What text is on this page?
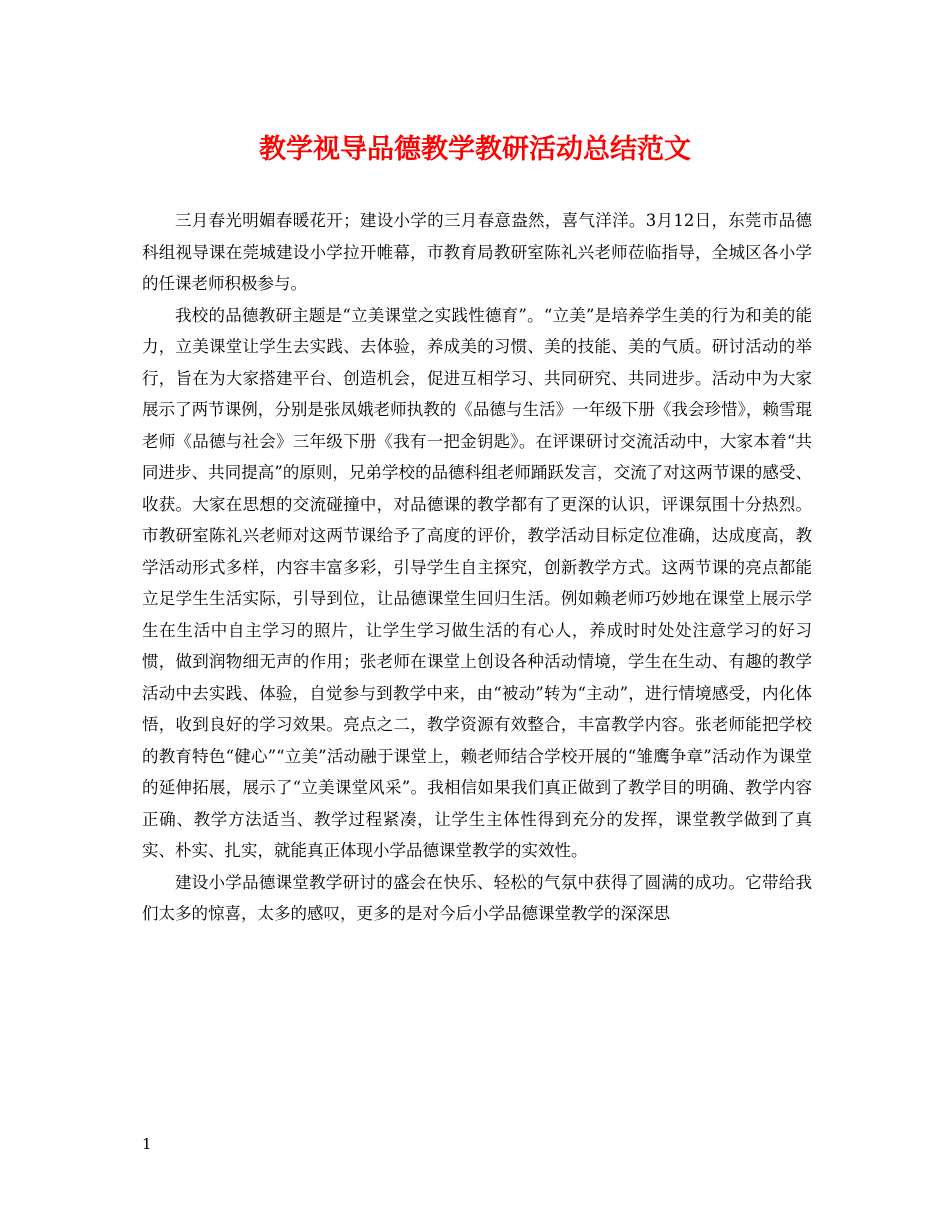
教学视导品德教学教研活动总结范文

三月春光明媚春暖花开；建设小学的三月春意盎然，喜气洋洋。3月12日，东莞市品德科组视导课在莞城建设小学拉开帷幕，市教育局教研室陈礼兴老师莅临指导，全城区各小学的任课老师积极参与。

我校的品德教研主题是“立美课堂之实践性德育”。“立美”是培养学生美的行为和美的能力，立美课堂让学生去实践、去体验，养成美的习惯、美的技能、美的气质。研讨活动的举行，旨在为大家搭建平台、创造机会，促进互相学习、共同研究、共同进步。活动中为大家展示了两节课例，分别是张凤娥老师执教的《品德与生活》一年级下册《我会珍惜》，赖雪琨老师《品德与社会》三年级下册《我有一把金钥匙》。在评课研讨交流活动中，大家本着“共同进步、共同提高”的原则，兄弟学校的品德科组老师踊跃发言，交流了对这两节课的感受、收获。大家在思想的交流碰撞中，对品德课的教学都有了更深的认识，评课氛围十分热烈。市教研室陈礼兴老师对这两节课给予了高度的评价，教学活动目标定位准确，达成度高，教学活动形式多样，内容丰富多彩，引导学生自主探究，创新教学方式。这两节课的亮点都能立足学生生活实际，引导到位，让品德课堂生回归生活。例如赖老师巧妙地在课堂上展示学生在生活中自主学习的照片，让学生学习做生活的有心人，养成时时处处注意学习的好习惯，做到润物细无声的作用；张老师在课堂上创设各种活动情境，学生在生动、有趣的教学活动中去实践、体验，自觉参与到教学中来，由“被动”转为“主动”，进行情境感受，内化体悟，收到良好的学习效果。亮点之二，教学资源有效整合，丰富教学内容。张老师能把学校的教育特色“健心”“立美”活动融于课堂上，赖老师结合学校开展的“雏鹰争章”活动作为课堂的延伸拓展，展示了“立美课堂风采”。我相信如果我们真正做到了教学目的明确、教学内容正确、教学方法适当、教学过程紧凑，让学生主体性得到充分的发挥，课堂教学做到了真实、朴实、扎实，就能真正体现小学品德课堂教学的实效性。

建设小学品德课堂教学研讨的盛会在快乐、轻松的气氛中获得了圆满的成功。它带给我们太多的惊喜，太多的感叹，更多的是对今后小学品德课堂教学的深深思

1
